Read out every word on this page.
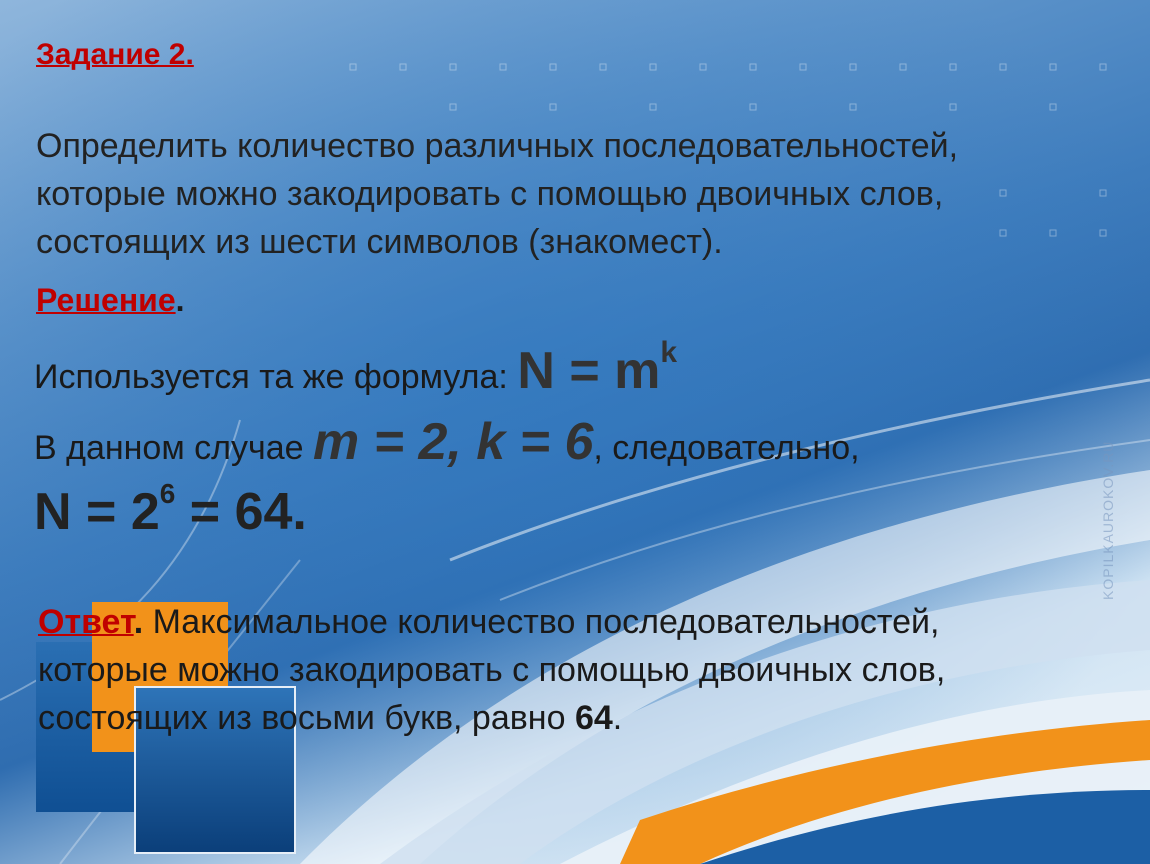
Задание 2.
Определить количество различных последовательностей,
которые можно закодировать с помощью двоичных слов,
состоящих из шести символов (знакомест).
Решение.
Используется та же формула: $N = m^k$
В данном случае m = 2, k = 6, следовательно,
$N = 2^6 = 64$.
Ответ. Максимальное количество последовательностей,
которые можно закодировать с помощью двоичных слов,
состоящих из восьми букв, равно 64.
KOPILKAUROKOV.RU
